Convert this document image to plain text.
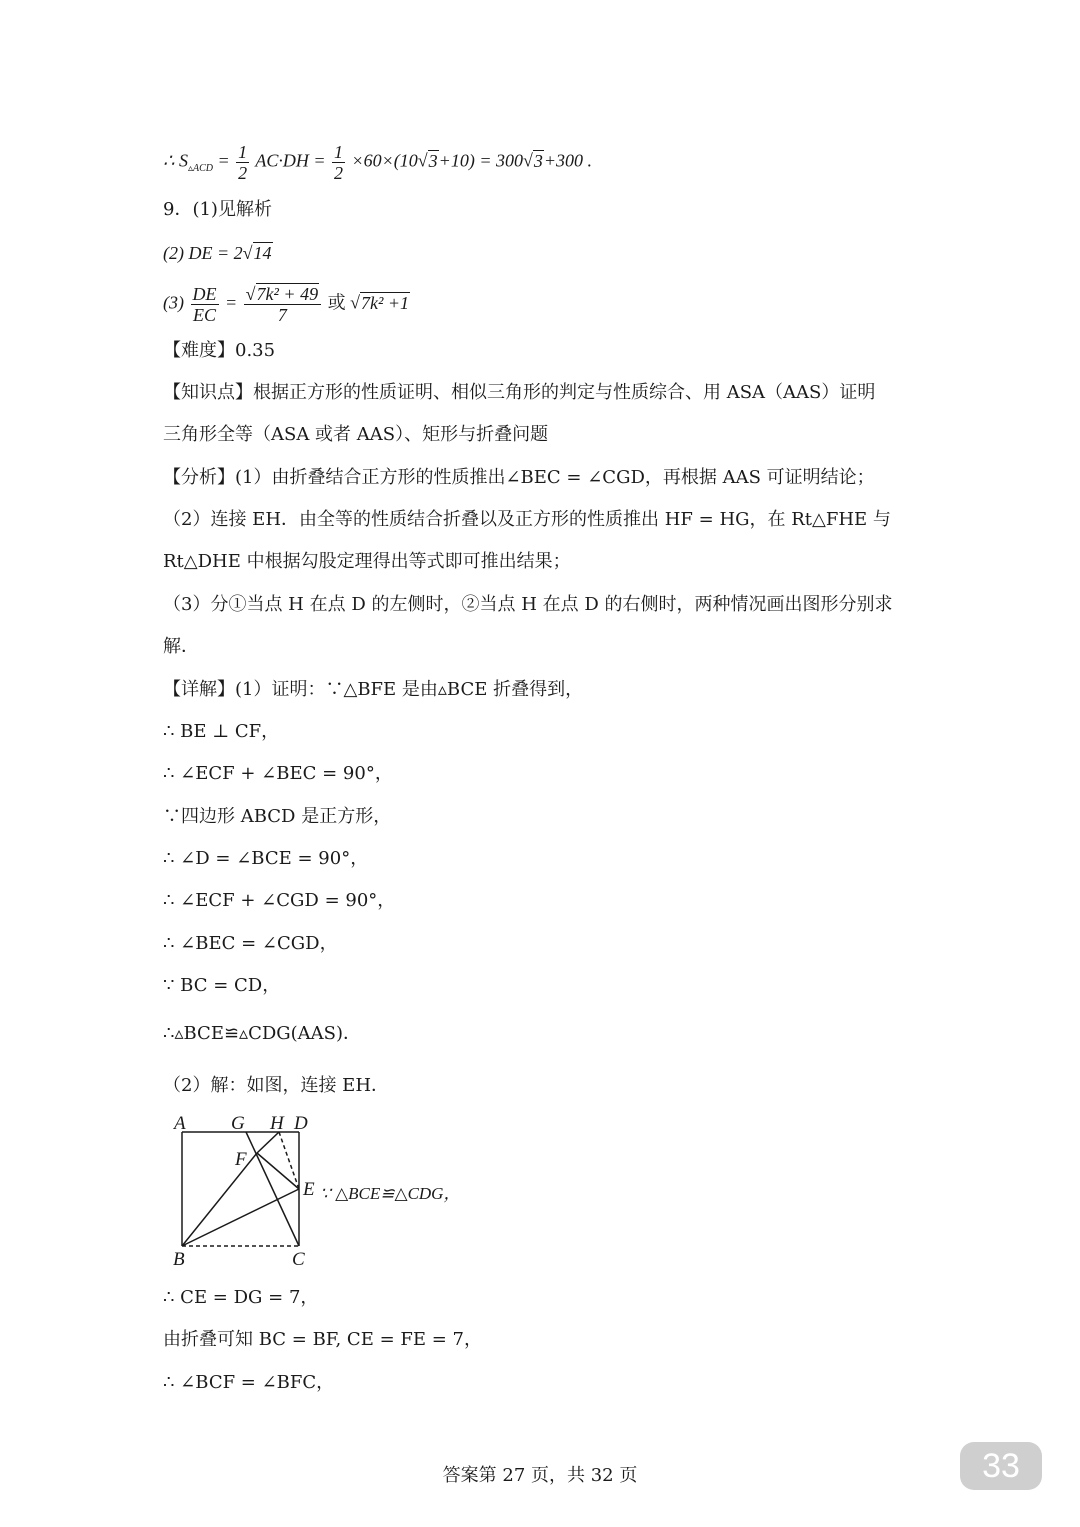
∴ $S_{▵ACD} = \frac{1}{2} AC\cdot DH = \frac{1}{2} \times 60\times(10√3+10) = 300√3+300$ .
9．(1)见解析
(2) DE = 2√14
$(3) \frac{DE}{EC} = \frac{\text{√7k² + 49}}{7}$ 或 √7k² +1
【难度】0.35
【知识点】根据正方形的性质证明、相似三角形的判定与性质综合、用 ASA（AAS）证明
三角形全等（ASA 或者 AAS）、矩形与折叠问题
【分析】(1）由折叠结合正方形的性质推出∠BEC = ∠CGD，再根据 AAS 可证明结论；
（2）连接 EH．由全等的性质结合折叠以及正方形的性质推出 HF = HG，在 Rt△FHE 与
Rt△DHE 中根据勾股定理得出等式即可推出结果；
（3）分①当点 H 在点 D 的左侧时，②当点 H 在点 D 的右侧时，两种情况画出图形分别求
解．
【详解】(1）证明：∵△BFE 是由▵BCE 折叠得到，
∴ BE ⊥ CF，
∴ ∠ECF + ∠BEC = 90°，
∵四边形 ABCD 是正方形，
∴ ∠D = ∠BCE = 90°，
∴ ∠ECF + ∠CGD = 90°，
∴ ∠BEC = ∠CGD，
∵ BC = CD，
∴▵BCE≌▵CDG(AAS)．
（2）解：如图，连接 EH．
A G H D
F
E
B	C
∵ △BCE≌△CDG，
∴ CE = DG = 7，
由折叠可知 BC = BF, CE = FE = 7，
∴ ∠BCF = ∠BFC，
答案第 27 页，共 32 页	33
